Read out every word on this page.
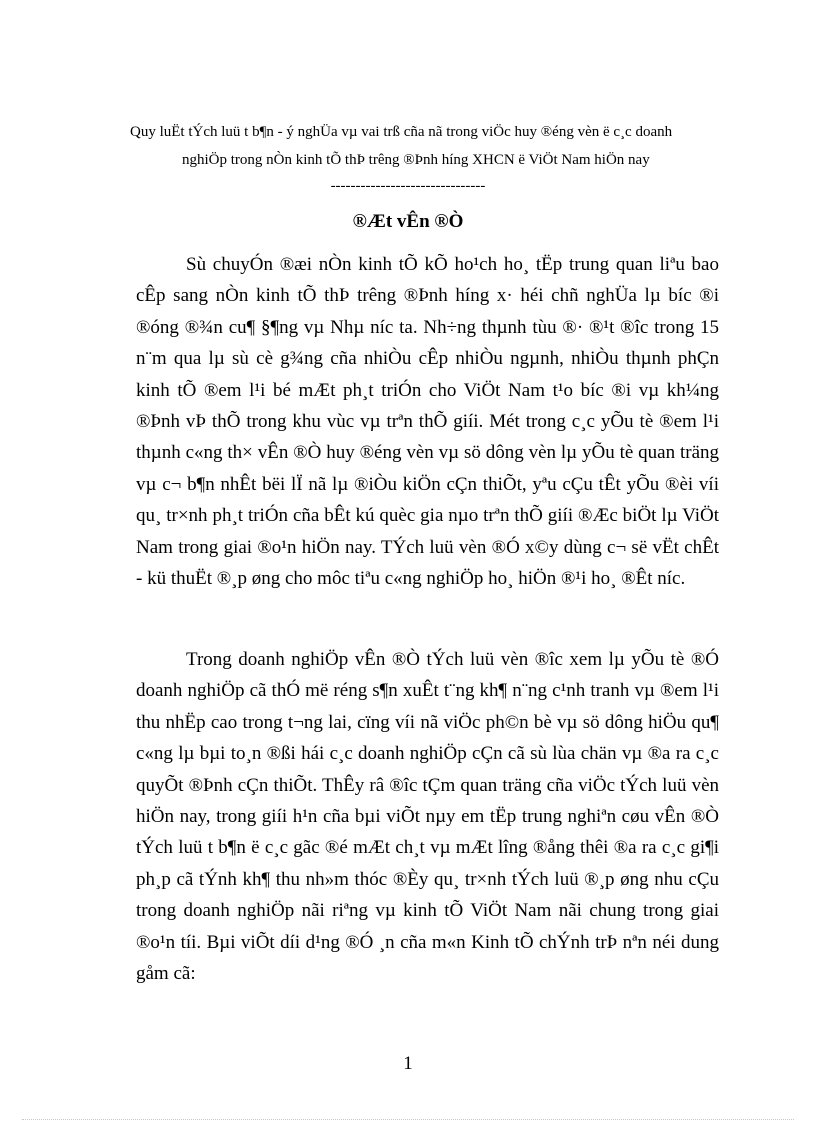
Quy luËt tÝch luü t b¶n - ý nghÜa vµ vai trß cña nã trong viÖc huy ®éng vèn ë c¸c doanh
nghiÖp trong nÒn kinh tÕ thÞ trêng ®Þnh híng XHCN ë ViÖt Nam hiÖn nay
-------------------------------
®Æt vÊn ®Ò

Sù chuyÓn ®æi nÒn kinh tÕ kÕ ho¹ch ho¸ tËp trung quan liªu bao cÊp sang nÒn kinh tÕ thÞ trêng ®Þnh híng x· héi chñ nghÜa lµ bíc ®i ®óng ®¾n cu¶ §¶ng vµ Nhµ níc ta. Nh÷ng thµnh tùu ®· ®¹t ®îc trong 15 n¨m qua lµ sù cè g¾ng cña nhiÒu cÊp nhiÒu ngµnh, nhiÒu thµnh phÇn kinh tÕ ®em l¹i bé mÆt ph¸t triÓn cho ViÖt Nam t¹o bíc ®i vµ kh¼ng ®Þnh vÞ thÕ trong khu vùc vµ trªn thÕ giíi. Mét trong c¸c yÕu tè ®em l¹i thµnh c«ng th× vÊn ®Ò huy ®éng vèn vµ sö dông vèn lµ yÕu tè quan träng vµ c¬ b¶n nhÊt bëi lÏ nã lµ ®iÒu kiÖn cÇn thiÕt, yªu cÇu tÊt yÕu ®èi víi qu¸ tr×nh ph¸t triÓn cña bÊt kú quèc gia nµo trªn thÕ giíi ®Æc biÖt lµ ViÖt Nam trong giai ®o¹n hiÖn nay. TÝch luü vèn ®Ó x©y dùng c¬ së vËt chÊt - kü thuËt ®¸p øng cho môc tiªu c«ng nghiÖp ho¸ hiÖn ®¹i ho¸ ®Êt níc.

Trong doanh nghiÖp vÊn ®Ò tÝch luü vèn ®îc xem lµ yÕu tè ®Ó doanh nghiÖp cã thÓ më réng s¶n xuÊt t¨ng kh¶ n¨ng c¹nh tranh vµ ®em l¹i thu nhËp cao trong t¬ng lai, cïng víi nã viÖc ph©n bè vµ sö dông hiÖu qu¶ c«ng lµ bµi to¸n ®ßi hái c¸c doanh nghiÖp cÇn cã sù lùa chän vµ ®a ra c¸c quyÕt ®Þnh cÇn thiÕt. ThÊy râ ®îc tÇm quan träng cña viÖc tÝch luü vèn hiÖn nay, trong giíi h¹n cña bµi viÕt nµy em tËp trung nghiªn cøu vÊn ®Ò tÝch luü t b¶n ë c¸c gãc ®é mÆt ch¸t vµ mÆt lîng ®ång thêi ®a ra c¸c gi¶i ph¸p cã tÝnh kh¶ thu nh»m thóc ®Èy qu¸ tr×nh tÝch luü ®¸p øng nhu cÇu trong doanh nghiÖp nãi riªng vµ kinh tÕ ViÖt Nam nãi chung trong giai ®o¹n tíi. Bµi viÕt díi d¹ng ®Ó ¸n cña m«n Kinh tÕ chÝnh trÞ nªn néi dung gåm cã:

1
